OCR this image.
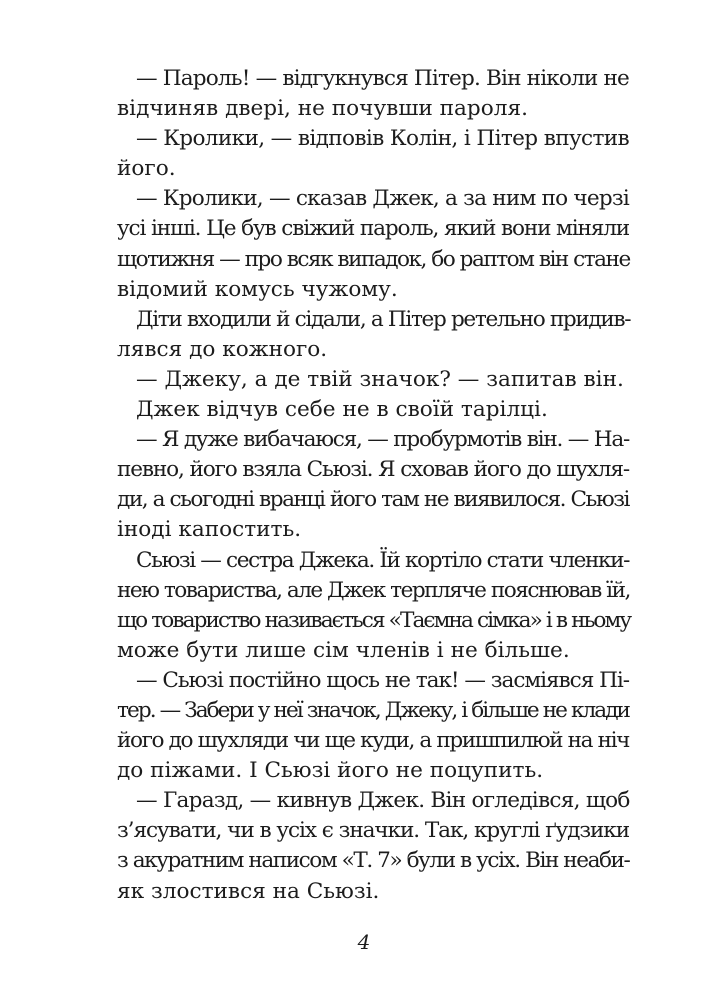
— Пароль! — відгукнувся Пітер. Він ніколи не
відчиняв двері, не почувши пароля.
— Кролики, — відповів Колін, і Пітер впустив
його.
— Кролики, — сказав Джек, а за ним по черзі
усі інші. Це був свіжий пароль, який вони міняли
щотижня — про всяк випадок, бо раптом він стане
відомий комусь чужому.
Діти входили й сідали, а Пітер ретельно придив-
лявся до кожного.
— Джеку, а де твій значок? — запитав він.
Джек відчув себе не в своїй тарілці.
— Я дуже вибачаюся, — пробурмотів він. — На-
певно, його взяла Сьюзі. Я сховав його до шухля-
ди, а сьогодні вранці його там не виявилося. Сьюзі
іноді капостить.
Сьюзі — сестра Джека. Їй кортіло стати членки-
нею товариства, але Джек терпляче пояснював їй,
що товариство називається «Таємна сімка» і в ньому
може бути лише сім членів і не більше.
— Сьюзі постійно щось не так! — засміявся Пі-
тер. — Забери у неї значок, Джеку, і більше не клади
його до шухляди чи ще куди, а пришпилюй на ніч
до піжами. І Сьюзі його не поцупить.
— Гаразд, — кивнув Джек. Він огледівся, щоб
з’ясувати, чи в усіх є значки. Так, круглі ґудзики
з акуратним написом «Т. 7» були в усіх. Він неаби-
як злостився на Сьюзі.
4
